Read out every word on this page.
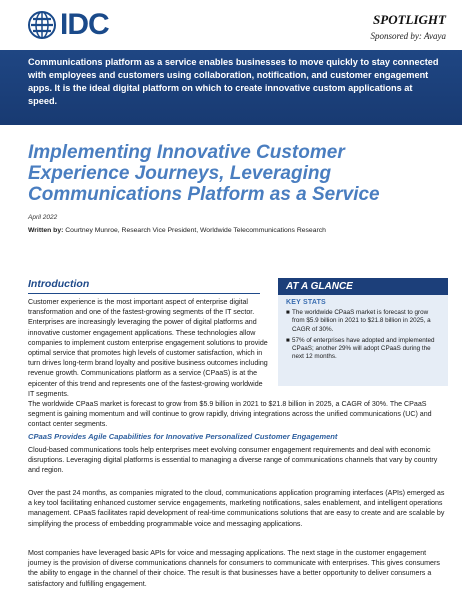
IDC	SPOTLIGHT
Sponsored by: Avaya
Communications platform as a service enables businesses to move quickly to stay connected with employees and customers using collaboration, notification, and customer engagement apps. It is the ideal digital platform on which to create innovative custom applications at speed.
Implementing Innovative Customer Experience Journeys, Leveraging Communications Platform as a Service
April 2022
Written by: Courtney Munroe, Research Vice President, Worldwide Telecommunications Research
Introduction
Customer experience is the most important aspect of enterprise digital transformation and one of the fastest-growing segments of the IT sector. Enterprises are increasingly leveraging the power of digital platforms and innovative customer engagement applications. These technologies allow companies to implement custom enterprise engagement solutions to provide optimal service that promotes high levels of customer satisfaction, which in turn drives long-term brand loyalty and positive business outcomes including revenue growth. Communications platform as a service (CPaaS) is at the epicenter of this trend and represents one of the fastest-growing worldwide IT segments.
The worldwide CPaaS market is forecast to grow from $5.9 billion in 2021 to $21.8 billion in 2025, a CAGR of 30%. The CPaaS segment is gaining momentum and will continue to grow rapidly, driving integrations across the unified communications (UC) and contact center segments.
AT A GLANCE
KEY STATS
■ The worldwide CPaaS market is forecast to grow from $5.9 billion in 2021 to $21.8 billion in 2025, a CAGR of 30%.
■ 57% of enterprises have adopted and implemented CPaaS; another 29% will adopt CPaaS during the next 12 months.
CPaaS Provides Agile Capabilities for Innovative Personalized Customer Engagement
Cloud-based communications tools help enterprises meet evolving consumer engagement requirements and deal with economic disruptions. Leveraging digital platforms is essential to managing a diverse range of communications channels that vary by country and region.
Over the past 24 months, as companies migrated to the cloud, communications application programing interfaces (APIs) emerged as a key tool facilitating enhanced customer service engagements, marketing notifications, sales enablement, and intelligent operations management. CPaaS facilitates rapid development of real-time communications solutions that are easy to create and are scalable by simplifying the process of embedding programmable voice and messaging applications.
Most companies have leveraged basic APIs for voice and messaging applications. The next stage in the customer engagement journey is the provision of diverse communications channels for consumers to communicate with enterprises. This gives consumers the ability to engage in the channel of their choice. The result is that businesses have a better opportunity to deliver consumers a satisfactory and fulfilling engagement.
